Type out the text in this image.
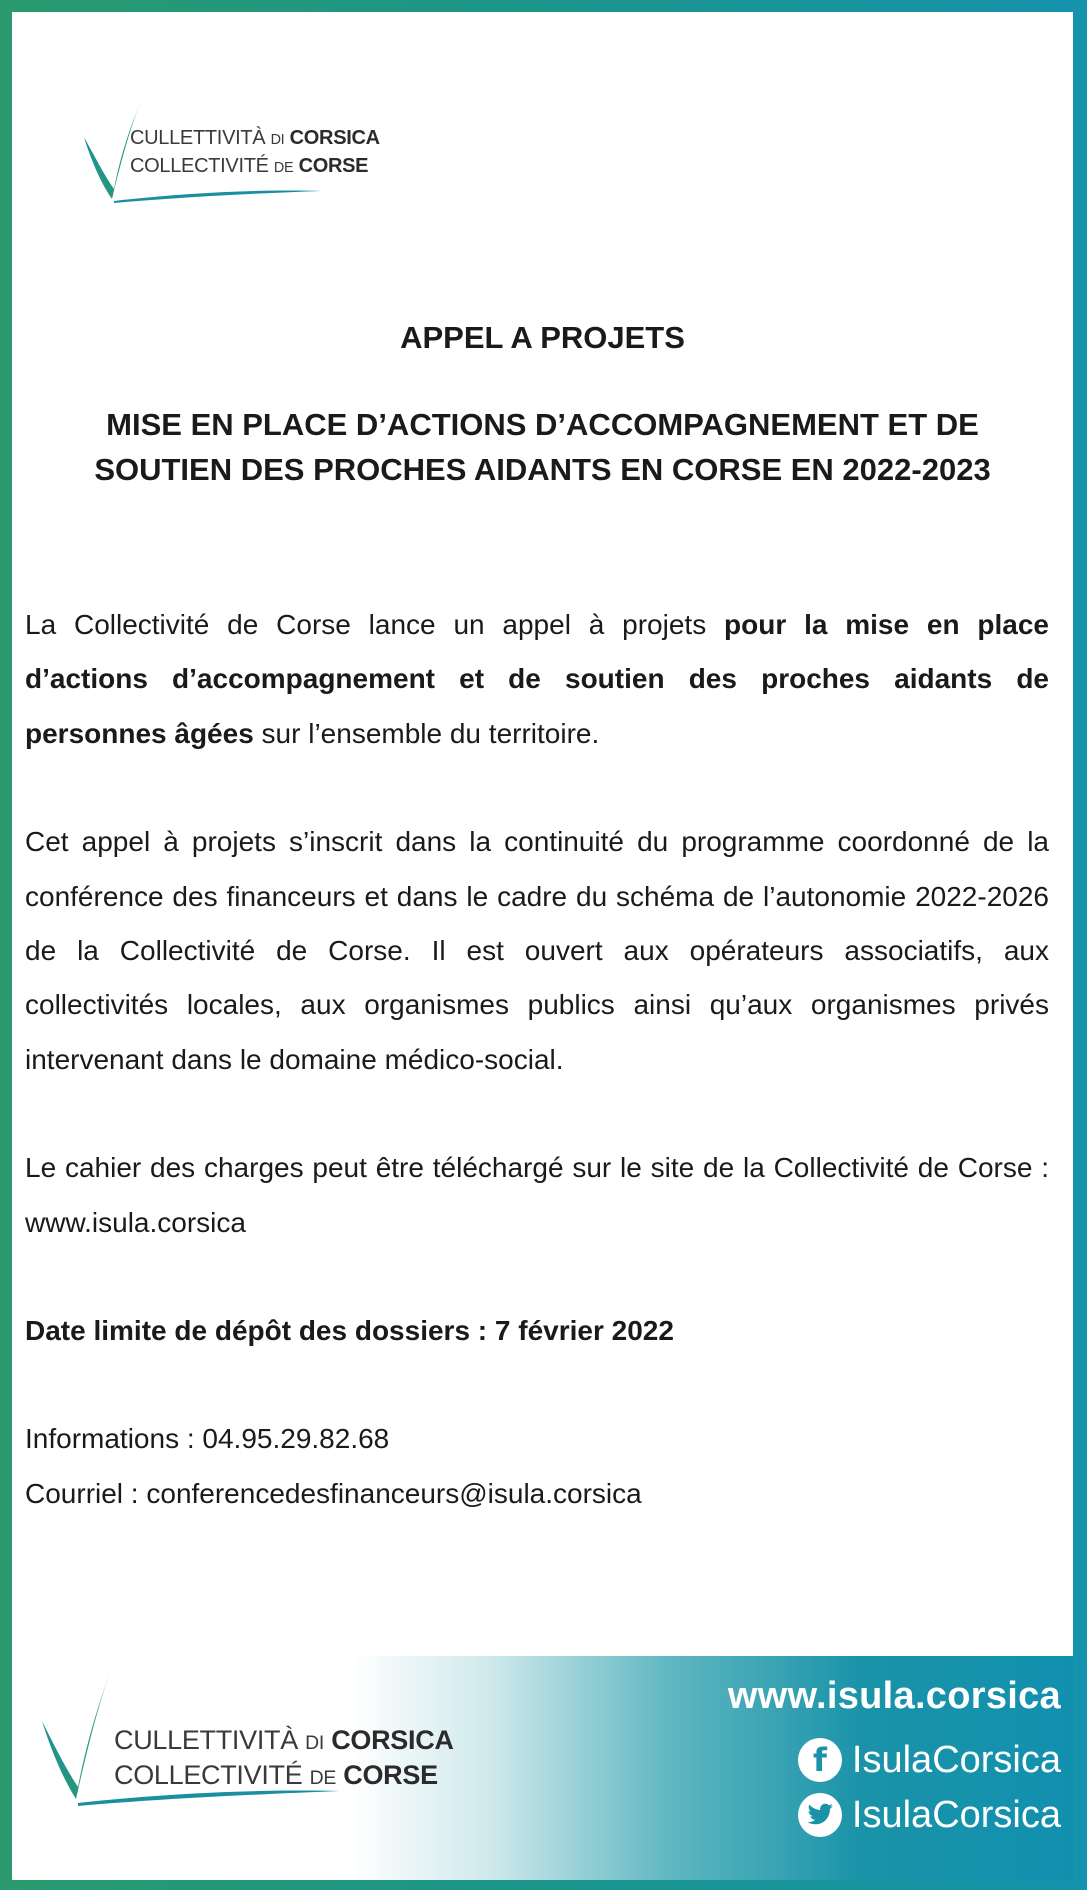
CULLETTIVITÀ DI CORSICA
COLLECTIVITÉ DE CORSE
APPEL A PROJETS
MISE EN PLACE D’ACTIONS D’ACCOMPAGNEMENT ET DE
SOUTIEN DES PROCHES AIDANTS EN CORSE EN 2022-2023

La Collectivité de Corse lance un appel à projets pour la mise en place d’actions d’accompagnement et de soutien des proches aidants de personnes âgées sur l’ensemble du territoire.

Cet appel à projets s’inscrit dans la continuité du programme coordonné de la conférence des financeurs et dans le cadre du schéma de l’autonomie 2022-2026 de la Collectivité de Corse. Il est ouvert aux opérateurs associatifs, aux collectivités locales, aux organismes publics ainsi qu’aux organismes privés intervenant dans le domaine médico-social.

Le cahier des charges peut être téléchargé sur le site de la Collectivité de Corse : www.isula.corsica

Date limite de dépôt des dossiers : 7 février 2022

Informations : 04.95.29.82.68

Courriel : conferencedesfinanceurs@isula.corsica

CULLETTIVITÀ DI CORSICA
COLLECTIVITÉ DE CORSE
www.isula.corsica
f IsulaCorsica
IsulaCorsica
